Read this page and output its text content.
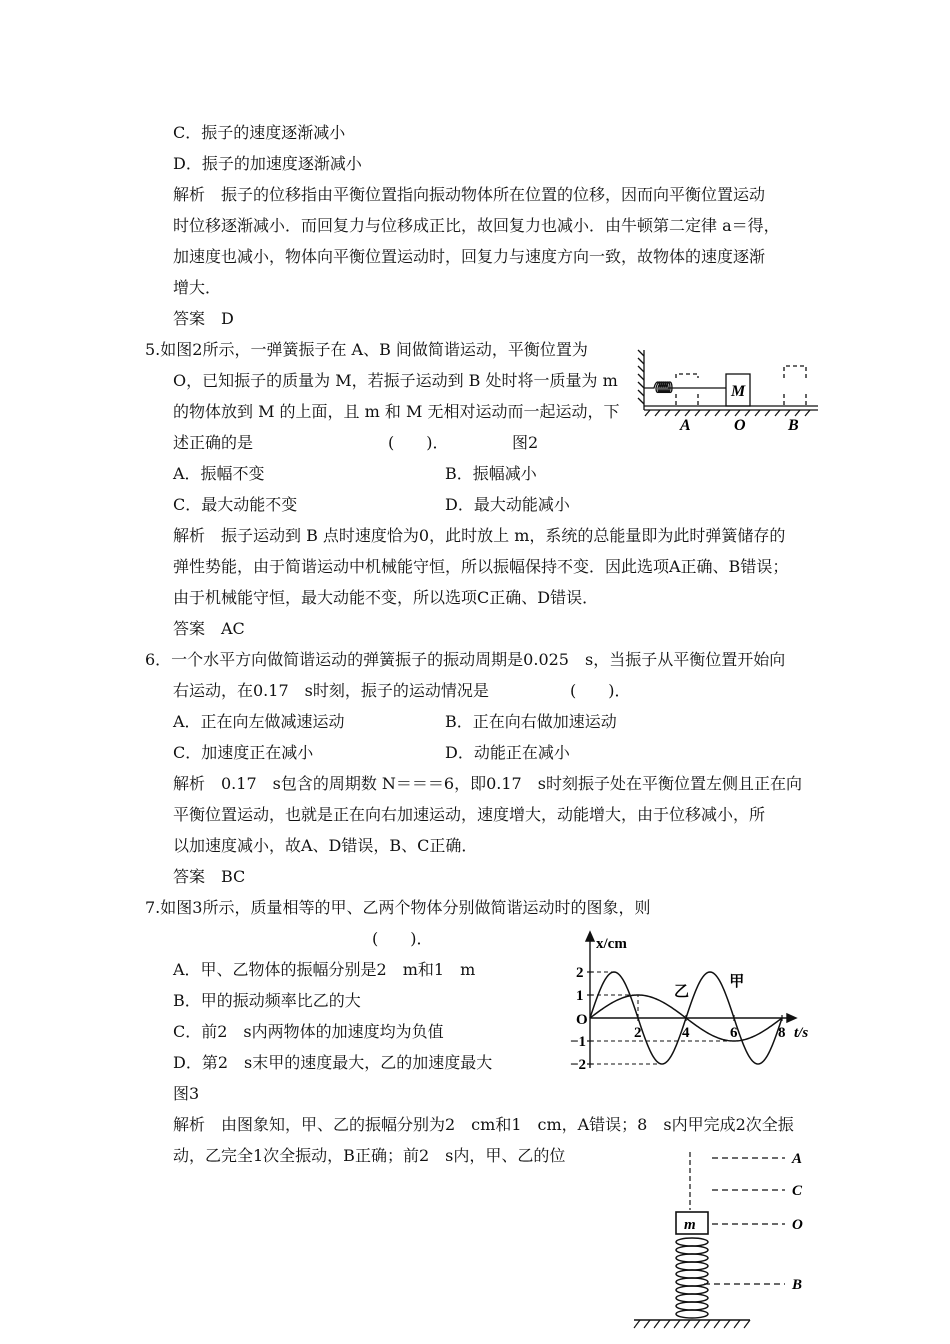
C．振子的速度逐渐减小
D．振子的加速度逐渐减小
解析　振子的位移指由平衡位置指向振动物体所在位置的位移，因而向平衡位置运动
时位移逐渐减小．而回复力与位移成正比，故回复力也减小．由牛顿第二定律 a＝得，
加速度也减小，物体向平衡位置运动时，回复力与速度方向一致，故物体的速度逐渐
增大．
答案　D
5.如图2所示，一弹簧振子在 A、B 间做简谐运动，平衡位置为
O，已知振子的质量为 M，若振子运动到 B 处时将一质量为 m
的物体放到 M 的上面，且 m 和 M 无相对运动而一起运动，下
述正确的是	(　　)．	图2
M
A	O	B
A．振幅不变	B．振幅减小
C．最大动能不变	D．最大动能减小
解析　振子运动到 B 点时速度恰为0，此时放上 m，系统的总能量即为此时弹簧储存的
弹性势能，由于简谐运动中机械能守恒，所以振幅保持不变．因此选项A正确、B错误；
由于机械能守恒，最大动能不变，所以选项C正确、D错误．
答案　AC
6．一个水平方向做简谐运动的弹簧振子的振动周期是0.025　s，当振子从平衡位置开始向
右运动，在0.17　s时刻，振子的运动情况是	(　　)．
A．正在向左做减速运动	B．正在向右做加速运动
C．加速度正在减小	D．动能正在减小
解析　0.17　s包含的周期数 N＝＝＝6，即0.17　s时刻振子处在平衡位置左侧且正在向
平衡位置运动，也就是正在向右加速运动，速度增大，动能增大，由于位移减小，所
以加速度减小，故A、D错误，B、C正确．
答案　BC
7.如图3所示，质量相等的甲、乙两个物体分别做简谐运动时的图象，则
(　　)．
A．甲、乙物体的振幅分别是2　m和1　m
B．甲的振动频率比乙的大
C．前2　s内两物体的加速度均为负值
D．第2　s末甲的速度最大，乙的加速度最大
图3
解析　由图象知，甲、乙的振幅分别为2　cm和1　cm，A错误；8　s内甲完成2次全振
动，乙完全1次全振动，B正确；前2　s内，甲、乙的位
x/cm
t/s
2	4	6	8
2
1
O
−1
−2
甲
乙
m
A
C
O
B
